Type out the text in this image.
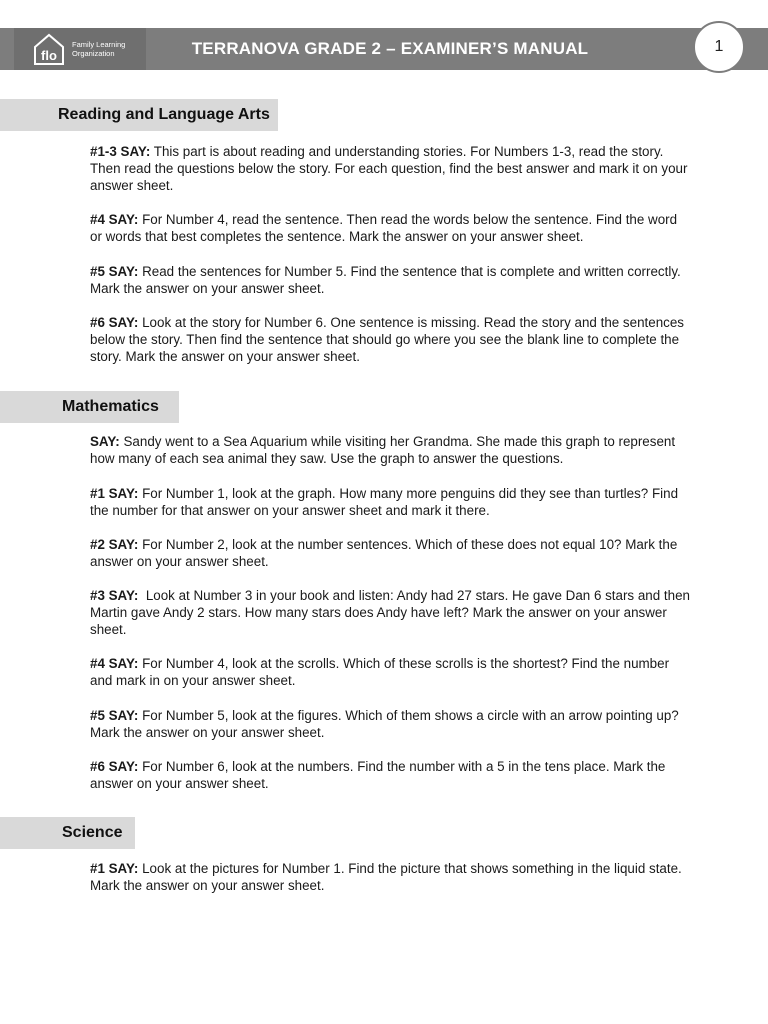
flo
Family Learning
Organization	TERRANOVA GRADE 2 – EXAMINER’S MANUAL	1
Reading and Language Arts
#1-3 SAY: This part is about reading and understanding stories. For Numbers 1-3, read the story. Then read the questions below the story. For each question, find the best answer and mark it on your answer sheet.
#4 SAY: For Number 4, read the sentence. Then read the words below the sentence. Find the word or words that best completes the sentence. Mark the answer on your answer sheet.
#5 SAY: Read the sentences for Number 5. Find the sentence that is complete and written correctly. Mark the answer on your answer sheet.
#6 SAY: Look at the story for Number 6. One sentence is missing. Read the story and the sentences below the story. Then find the sentence that should go where you see the blank line to complete the story. Mark the answer on your answer sheet.
Mathematics
SAY: Sandy went to a Sea Aquarium while visiting her Grandma. She made this graph to represent how many of each sea animal they saw. Use the graph to answer the questions.
#1 SAY: For Number 1, look at the graph. How many more penguins did they see than turtles? Find the number for that answer on your answer sheet and mark it there.
#2 SAY: For Number 2, look at the number sentences. Which of these does not equal 10? Mark the answer on your answer sheet.
#3 SAY:  Look at Number 3 in your book and listen: Andy had 27 stars. He gave Dan 6 stars and then Martin gave Andy 2 stars. How many stars does Andy have left? Mark the answer on your answer sheet.
#4 SAY: For Number 4, look at the scrolls. Which of these scrolls is the shortest? Find the number and mark in on your answer sheet.
#5 SAY: For Number 5, look at the figures. Which of them shows a circle with an arrow pointing up? Mark the answer on your answer sheet.
#6 SAY: For Number 6, look at the numbers. Find the number with a 5 in the tens place. Mark the answer on your answer sheet.
Science
#1 SAY: Look at the pictures for Number 1. Find the picture that shows something in the liquid state. Mark the answer on your answer sheet.
